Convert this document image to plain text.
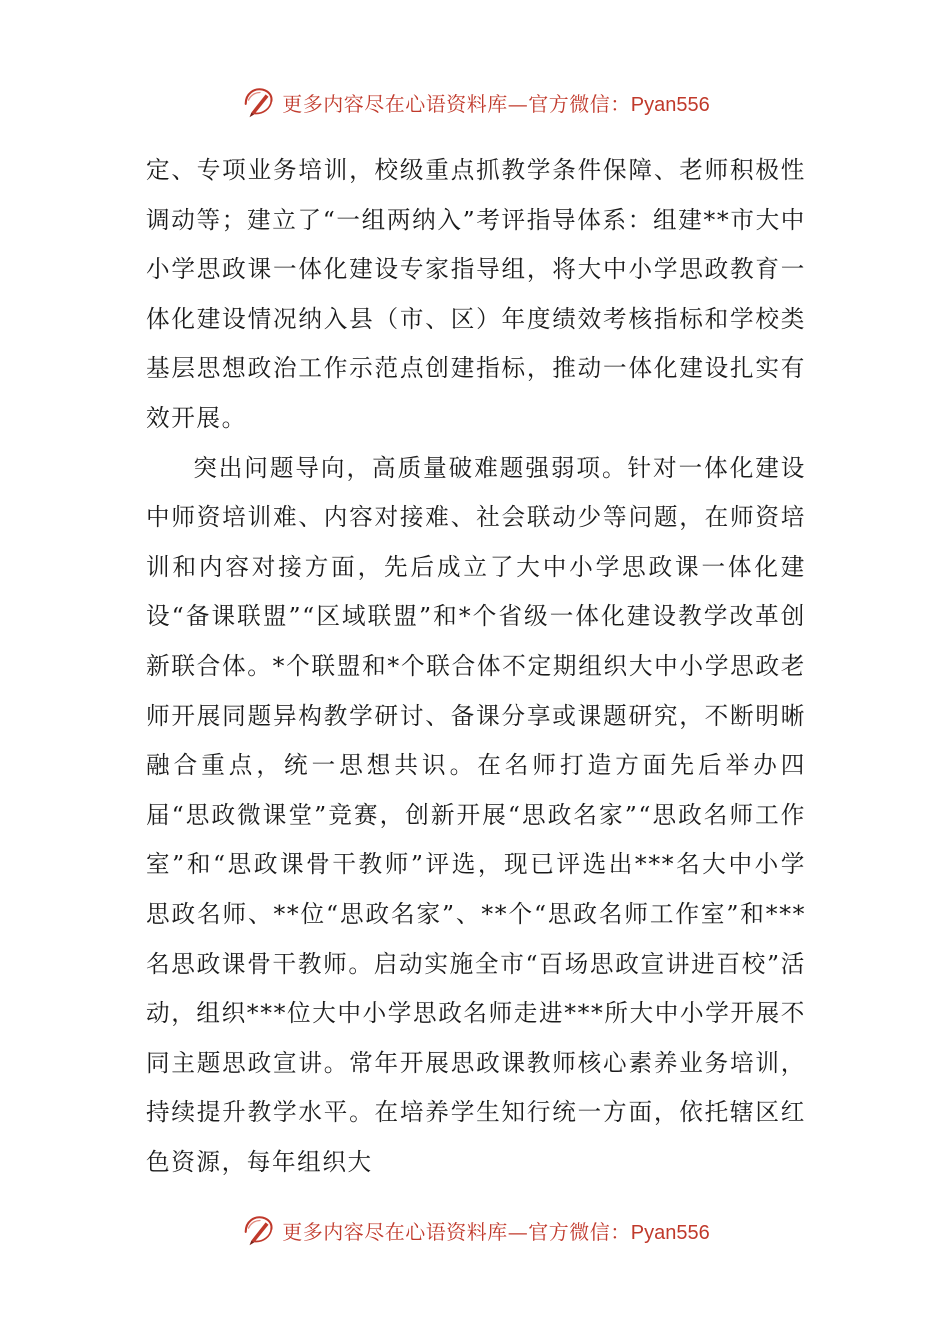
更多内容尽在心语资料库—官方微信：Pyan556

定、专项业务培训，校级重点抓教学条件保障、老师积极性调动等；建立了“一组两纳入”考评指导体系：组建**市大中小学思政课一体化建设专家指导组，将大中小学思政教育一体化建设情况纳入县（市、区）年度绩效考核指标和学校类基层思想政治工作示范点创建指标，推动一体化建设扎实有效开展。

突出问题导向，高质量破难题强弱项。针对一体化建设中师资培训难、内容对接难、社会联动少等问题，在师资培训和内容对接方面，先后成立了大中小学思政课一体化建设“备课联盟”“区域联盟”和*个省级一体化建设教学改革创新联合体。*个联盟和*个联合体不定期组织大中小学思政老师开展同题异构教学研讨、备课分享或课题研究，不断明晰融合重点，统一思想共识。在名师打造方面先后举办四届“思政微课堂”竞赛，创新开展“思政名家”“思政名师工作室”和“思政课骨干教师”评选，现已评选出***名大中小学思政名师、**位“思政名家”、**个“思政名师工作室”和***名思政课骨干教师。启动实施全市“百场思政宣讲进百校”活动，组织***位大中小学思政名师走进***所大中小学开展不同主题思政宣讲。常年开展思政课教师核心素养业务培训，持续提升教学水平。在培养学生知行统一方面，依托辖区红色资源，每年组织大

更多内容尽在心语资料库—官方微信：Pyan556
